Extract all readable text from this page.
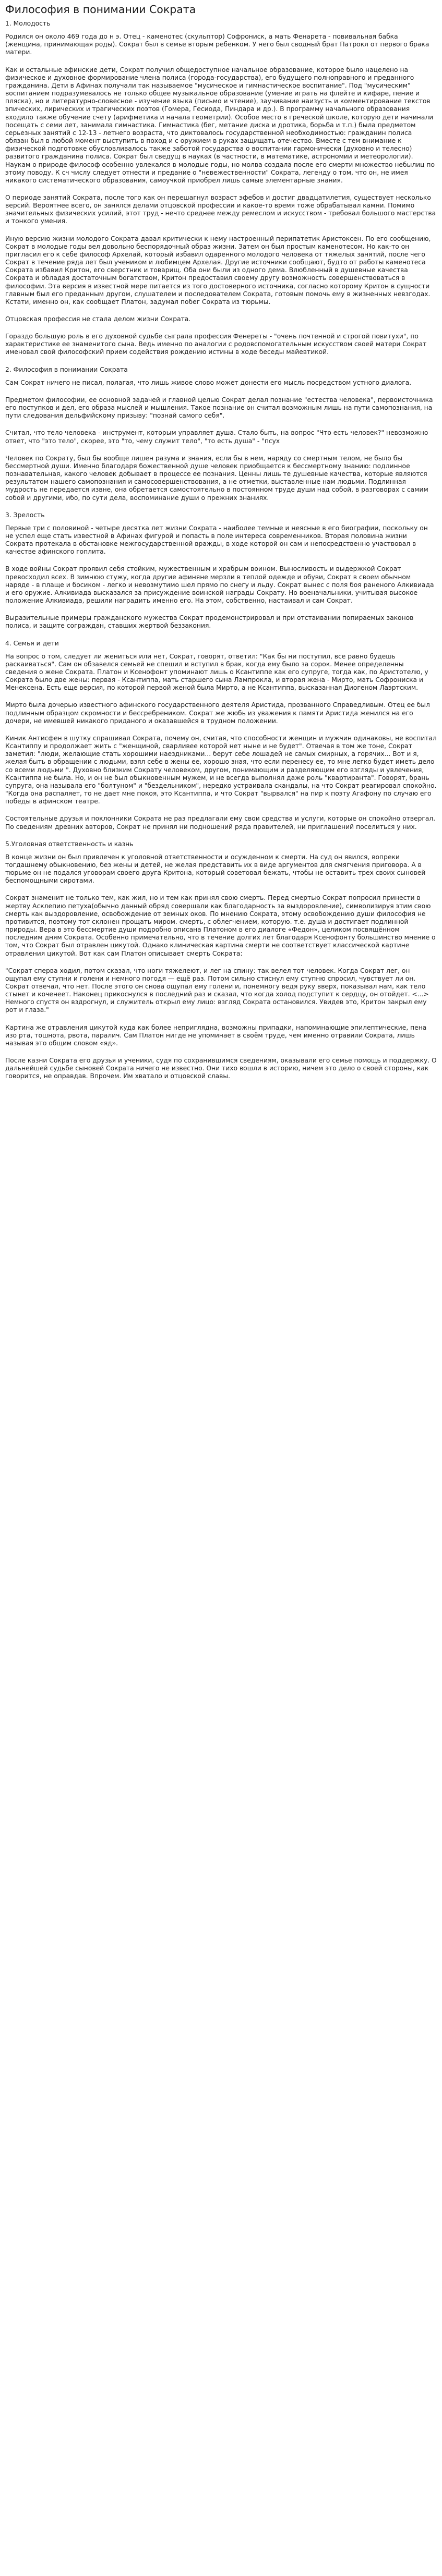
Философия в понимании Сократа

1. Молодость

Родился он около 469 года до н э. Отец - каменотес (скульптор) Софрониск, а мать Фенарета - повивальная бабка (женщина, принимающая роды). Сократ был в семье вторым ребенком. У него был сводный брат Патрокл от первого брака матери.

Как и остальные афинские дети, Сократ получил общедоступное начальное образование, которое было нацелено на физическое и духовное формирование члена полиса (города-государства), его будущего полноправного и преданного гражданина. Дети в Афинах получали так называемое "мусическое и гимнастическое воспитание". Под "мусическим" воспитанием подразумевалось не только общее музыкальное образование (умение играть на флейте и кифаре, пение и пляска), но и литературно-словесное - изучение языка (письмо и чтение), заучивание наизусть и комментирование текстов эпических, лирических и трагических поэтов (Гомера, Гесиода, Пиндара и др.). В программу начального образования входило также обучение счету (арифметика и начала геометрии). Особое место в греческой школе, которую дети начинали посещать с семи лет, занимала гимнастика. Гимнастика (бег, метание диска и дротика, борьба и т.п.) была предметом серьезных занятий с 12-13 - летнего возраста, что диктовалось государственной необходимостью: гражданин полиса обязан был в любой момент выступить в поход и с оружием в руках защищать отечество. Вместе с тем внимание к физической подготовке обусловливалось также заботой государства о воспитании гармонически (духовно и телесно) развитого гражданина полиса. Сократ был сведущ в науках (в частности, в математике, астрономии и метеорологии). Наукам о природе философ особенно увлекался в молодые годы, но молва создала после его смерти множество небылиц по этому поводу. К сч числу следует отнести и предание о "невежественности" Сократа, легенду о том, что он, не имея никакого систематического образования, самоучкой приобрел лишь самые элементарные знания.

О периоде занятий Сократа, после того как он перешагнул возраст эфебов и достиг двадцатилетия, существует несколько версий. Вероятнее всего, он занялся делами отцовской профессии и какое-то время тоже обрабатывал камни. Помимо значительных физических усилий, этот труд - нечто среднее между ремеслом и искусством - требовал большого мастерства и тонкого умения.

Иную версию жизни молодого Сократа давал критически к нему настроенный перипатетик Аристоксен. По его сообщению, Сократ в молодые годы вел довольно беспорядочный образ жизни. Затем он был простым каменотесом. Но как-то он пригласил его к себе философ Архелай, который избавил одаренного молодого человека от тяжелых занятий, после чего Сократ в течение ряда лет был учеником и любимцем Архелая. Другие источники сообщают, будто от работы каменотеса Сократа избавил Критон, его сверстник и товарищ. Оба они были из одного дема. Влюбленный в душевные качества Сократа и обладая достаточным богатством, Критон предоставил своему другу возможность совершенствоваться в философии. Эта версия в известной мере питается из того достоверного источника, согласно которому Критон в сущности главным был его преданным другом, слушателем и последователем Сократа, готовым помочь ему в жизненных невзгодах. Кстати, именно он, как сообщает Платон, задумал побег Сократа из тюрьмы.

Отцовская профессия не стала делом жизни Сократа.

Гораздо большую роль в его духовной судьбе сыграла профессия Фенереты - "очень почтенной и строгой повитухи", по характеристике ее знаменитого сына. Ведь именно по аналогии с родовспомогательным искусством своей матери Сократ именовал свой философский прием содействия рождению истины в ходе беседы майевтикой.

2. Философия в понимании Сократа

Сам Сократ ничего не писал, полагая, что лишь живое слово может донести его мысль посредством устного диалога.

Предметом философии, ее основной задачей и главной целью Сократ делал познание "естества человека", первоисточника его поступков и дел, его образа мыслей и мышления. Такое познание он считал возможным лишь на пути самопознания, на пути следования дельфийскому призыву: "познай самого себя".

Считал, что тело человека - инструмент, которым управляет душа. Стало быть, на вопрос "Что есть человек?" невозможно ответ, что "это тело", скорее, это "то, чему служит тело", "то есть душа" - "псух

Человек по Сократу, был бы вообще лишен разума и знания, если бы в нем, наряду со смертным телом, не было бы бессмертной души. Именно благодаря божественной душе человек приобщается к бессмертному знанию: подлинное познавательная, какого человек добывает в процессе ее познания. Ценны лишь те душевные качества, которые являются результатом нашего самопознания и самосовершенствования, а не отметки, выставленные нам людьми. Подлинная мудрость не передается извне, она обретается самостоятельно в постоянном труде души над собой, в разговорах с самим собой и другими, ибо, по сути дела, воспоминание души о прежних знаниях.

3. Зрелость

Первые три с половиной - четыре десятка лет жизни Сократа - наиболее темные и неясные в его биографии, поскольку он не успел еще стать известной в Афинах фигурой и попасть в поле интереса современников. Вторая половина жизни Сократа протекала в обстановке межгосударственной вражды, в ходе которой он сам и непосредственно участвовал в качестве афинского гоплита.

В ходе войны Сократ проявил себя стойким, мужественным и храбрым воином. Выносливость и выдержкой Сократ превосходил всех. В зимнюю стужу, когда другие афиняне мерзли в теплой одежде и обуви, Сократ в своем обычном наряде - в плаще и босиком - легко и невозмутимо шел прямо по снегу и льду. Сократ вынес с поля боя раненого Алкивиада и его оружие. Алкивиада высказался за присуждение воинской награды Сократу. Но военачальники, учитывая высокое положение Алкивиада, решили наградить именно его. На этом, собственно, настаивал и сам Сократ.

Выразительные примеры гражданского мужества Сократ продемонстрировал и при отстаивании попираемых законов полиса, и защите сограждан, ставших жертвой беззакония.

4. Семья и дети

На вопрос о том, следует ли жениться или нет, Сократ, говорят, ответил: "Как бы ни поступил, все равно будешь раскаиваться". Сам он обзавелся семьей не спешил и вступил в брак, когда ему было за сорок. Менее определенны сведения о жене Сократа. Платон и Ксенофонт упоминают лишь о Ксантиппе как его супруге, тогда как, по Аристотелю, у Сократа было две жены: первая - Ксантиппа, мать старшего сына Лампрокла, и вторая жена - Мирто, мать Софрониска и Менексена. Есть еще версия, по которой первой женой была Мирто, а не Ксантиппа, высказанная Диогеном Лаэртским.

Мирто была дочерью известного афинского государственного деятеля Аристида, прозванного Справедливым. Отец ее был подлинным образцом скромности и бессребреником. Сократ же жюбь из уважения к памяти Аристида женился на его дочери, не имевшей никакого приданого и оказавшейся в трудном положении.

Киник Антисфен в шутку спрашивал Сократа, почему он, считая, что способности женщин и мужчин одинаковы, не воспитал Ксантиппу и продолжает жить с "женщиной, сварливее которой нет ныне и не будет". Отвечая в том же тоне, Сократ заметил: "люди, желающие стать хорошими наездниками... берут себе лошадей не самых смирных, а горячих... Вот и я, желая быть в обращении с людьми, взял себе в жены ее, хорошо зная, что если перенесу ее, то мне легко будет иметь дело со всеми людьми ". Духовно близким Сократу человеком, другом, понимающим и разделяющим его взгляды и увлечения, Ксантиппа не была. Но, и он не был обыкновенным мужем, и не всегда выполнял даже роль "квартиранта". Говорят, брань супруга, она называла его "болтуном" и "бездельником", нередко устраивала скандалы, на что Сократ реагировал спокойно. "Когда она распаляет, то не дает мне покоя, это Ксантиппа, и что Сократ "вырвался" на пир к поэту Агафону по случаю его победы в афинском театре.

Состоятельные друзья и поклонники Сократа не раз предлагали ему свои средства и услуги, которые он спокойно отвергал. По сведениям древних авторов, Сократ не принял ни подношений ряда правителей, ни приглашений поселиться у них.

5.Уголовная ответственность и казнь

В конце жизни он был привлечен к уголовной ответственности и осужденном к смерти. На суд он явился, вопреки тогдашнему обыкновению, без жены и детей, не желая представить их в виде аргументов для смягчения приговора. А в тюрьме он не подался уговорам своего друга Критона, который советовал бежать, чтобы не оставить трех своих сыновей беспомощными сиротами.

Сократ знаменит не только тем, как жил, но и тем как принял свою смерть. Перед смертью Сократ попросил принести в жертву Асклепию петуха(обычно данный обряд совершали как благодарность за выздоровление), символизируя этим свою смерть как выздоровление, освобождение от земных оков. По мнению Сократа, этому освобождению души философия не противится, поэтому тот склонен прощать миром. смерть, с облегчением, которую. т.е. душа и достигает подлинной природы. Вера в это бессмертие души подробно описана Платоном в его диалоге «Федон», целиком посвящённом последним дням Сократа. Особенно примечательно, что в течение долгих лет благодаря Ксенофонту большинство мнение о том, что Сократ был отравлен цикутой. Однако клиническая картина смерти не соответствует классической картине отравления цикутой. Вот как сам Платон описывает смерть Сократа:

"Сократ сперва ходил, потом сказал, что ноги тяжелеют, и лег на спину: так велел тот человек. Когда Сократ лег, он ощупал ему ступни и голени и немного погодя — ещё раз. Потом сильно стиснул ему ступню спросил, чувствует ли он. Сократ отвечал, что нет. После этого он снова ощупал ему голени и, понемногу ведя руку вверх, показывал нам, как тело стынет и коченеет. Наконец прикоснулся в последний раз и сказал, что когда холод подступит к сердцу, он отойдет. <...> Немного спустя он вздрогнул, и служитель открыл ему лицо: взгляд Сократа остановился. Увидев это, Критон закрыл ему рот и глаза."

Картина же отравления цикутой куда как более неприглядна, возможны припадки, напоминающие эпилептические, пена изо рта, тошнота, рвота, паралич. Сам Платон нигде не упоминает в своём труде, чем именно отравили Сократа, лишь называя это общим словом «яд».

После казни Сократа его друзья и ученики, судя по сохранившимся сведениям, оказывали его семье помощь и поддержку. О дальнейшей судьбе сыновей Сократа ничего не известно. Они тихо вошли в историю, ничем это дело о своей стороны, как говорится, не оправдав. Впрочем. Им хватало и отцовской славы.
